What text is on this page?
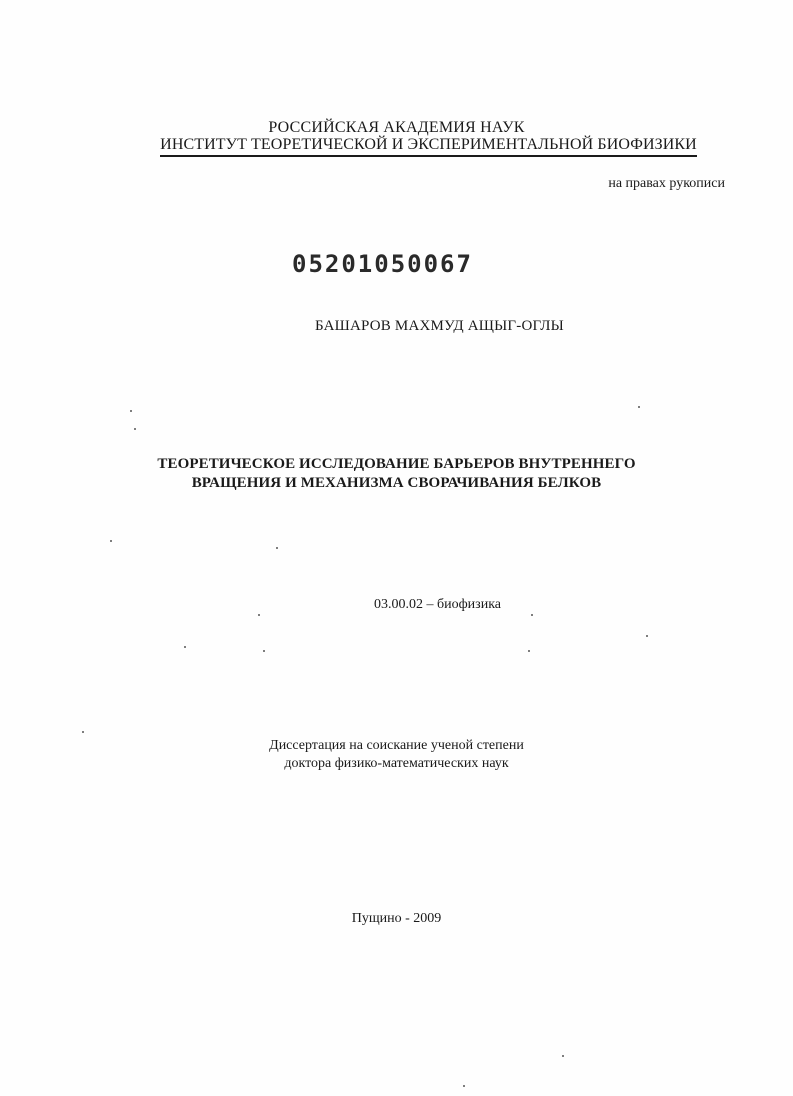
РОССИЙСКАЯ АКАДЕМИЯ НАУК
ИНСТИТУТ ТЕОРЕТИЧЕСКОЙ И ЭКСПЕРИМЕНТАЛЬНОЙ БИОФИЗИКИ
на правах рукописи
05201050067
БАШАРОВ МАХМУД АЩЫГ-ОГЛЫ
ТЕОРЕТИЧЕСКОЕ ИССЛЕДОВАНИЕ БАРЬЕРОВ ВНУТРЕННЕГО
ВРАЩЕНИЯ И МЕХАНИЗМА СВОРАЧИВАНИЯ БЕЛКОВ
03.00.02 – биофизика
Диссертация на соискание ученой степени
доктора физико-математических наук
Пущино - 2009
